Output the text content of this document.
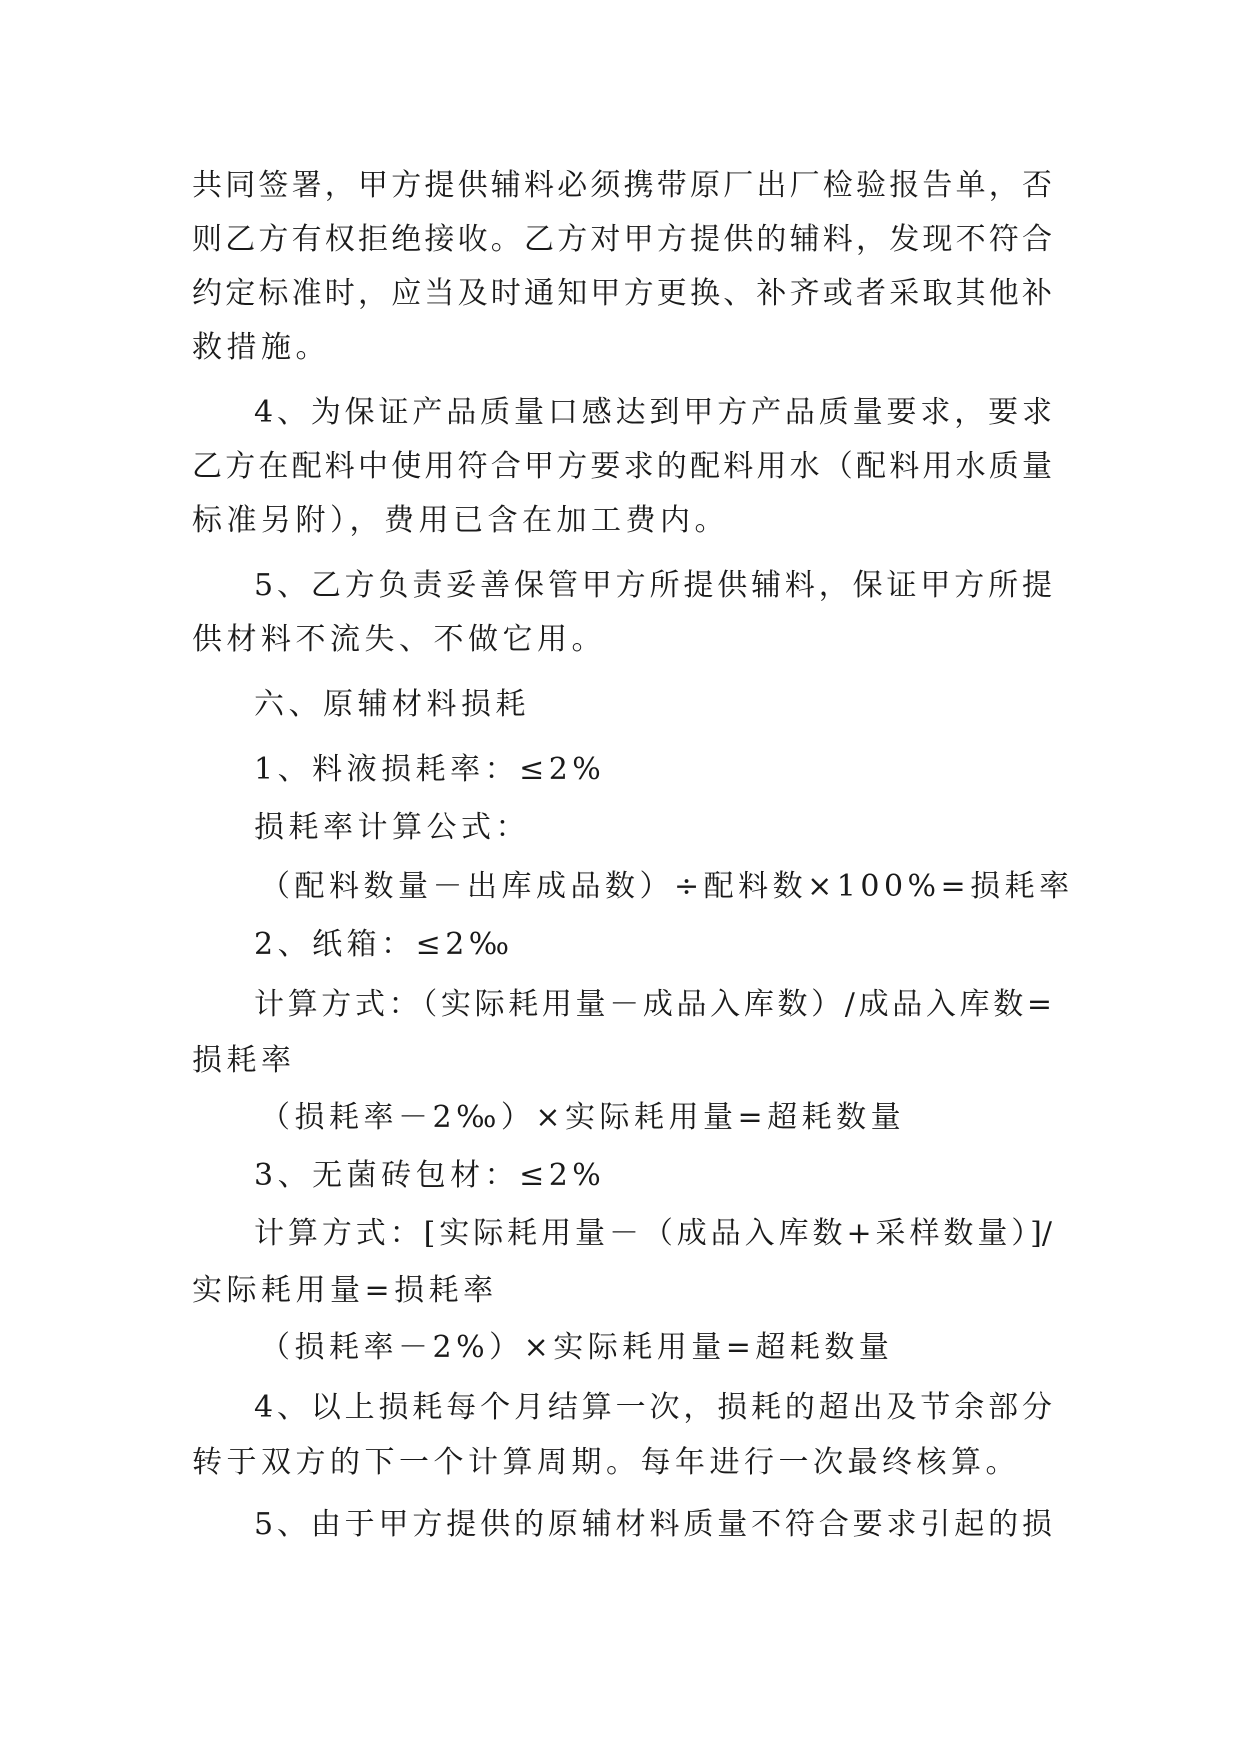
共同签署，甲方提供辅料必须携带原厂出厂检验报告单，否
则乙方有权拒绝接收。乙方对甲方提供的辅料，发现不符合
约定标准时，应当及时通知甲方更换、补齐或者采取其他补
救措施。
4、为保证产品质量口感达到甲方产品质量要求，要求
乙方在配料中使用符合甲方要求的配料用水（配料用水质量
标准另附），费用已含在加工费内。
5、乙方负责妥善保管甲方所提供辅料，保证甲方所提
供材料不流失、不做它用。
六、原辅材料损耗
1、料液损耗率：≤2%
损耗率计算公式：
（配料数量－出库成品数）÷配料数×100%=损耗率
2、纸箱：≤2‰
计算方式：（实际耗用量－成品入库数）/成品入库数=
损耗率
（损耗率－2‰）×实际耗用量=超耗数量
3、无菌砖包材：≤2%
计算方式：[实际耗用量－（成品入库数+采样数量）]/
实际耗用量=损耗率
（损耗率－2%）×实际耗用量=超耗数量
4、以上损耗每个月结算一次，损耗的超出及节余部分
转于双方的下一个计算周期。每年进行一次最终核算。
5、由于甲方提供的原辅材料质量不符合要求引起的损
